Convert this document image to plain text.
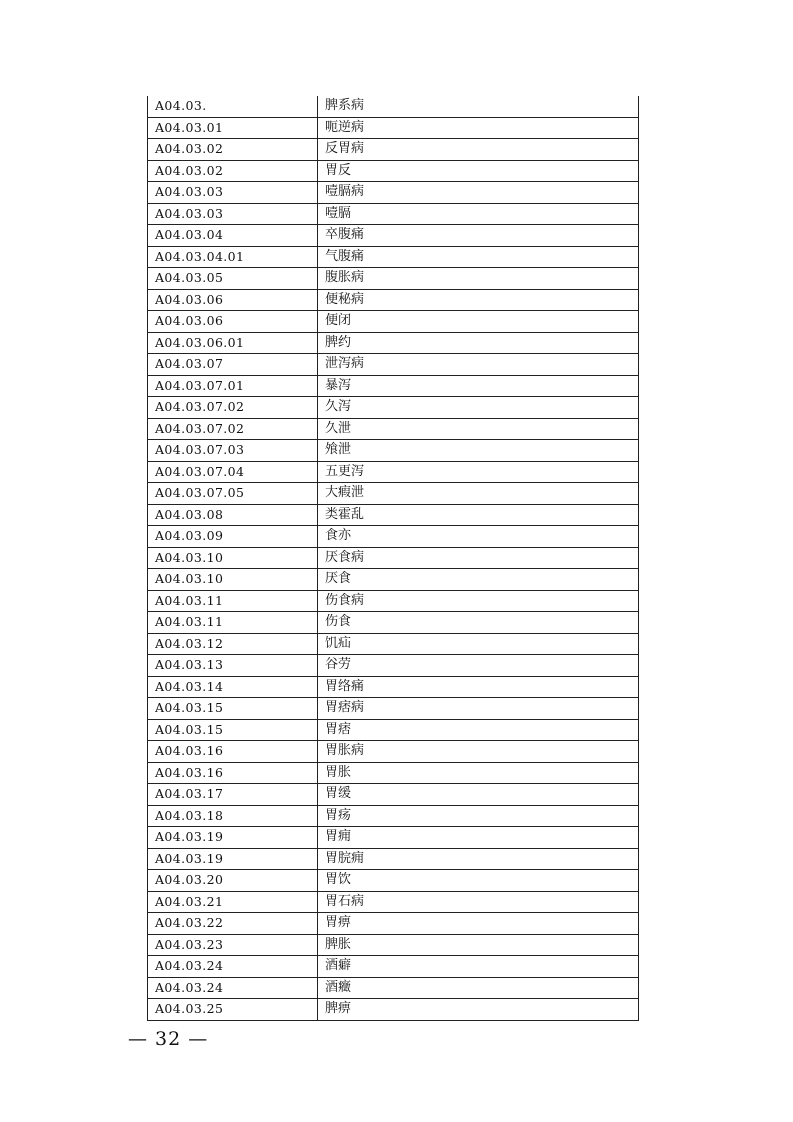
A04.03.	脾系病
A04.03.01	呃逆病
A04.03.02	反胃病
A04.03.02	胃反
A04.03.03	噎膈病
A04.03.03	噎膈
A04.03.04	卒腹痛
A04.03.04.01	气腹痛
A04.03.05	腹胀病
A04.03.06	便秘病
A04.03.06	便闭
A04.03.06.01	脾约
A04.03.07	泄泻病
A04.03.07.01	暴泻
A04.03.07.02	久泻
A04.03.07.02	久泄
A04.03.07.03	飧泄
A04.03.07.04	五更泻
A04.03.07.05	大瘕泄
A04.03.08	类霍乱
A04.03.09	食亦
A04.03.10	厌食病
A04.03.10	厌食
A04.03.11	伤食病
A04.03.11	伤食
A04.03.12	饥疝
A04.03.13	谷劳
A04.03.14	胃络痛
A04.03.15	胃痞病
A04.03.15	胃痞
A04.03.16	胃胀病
A04.03.16	胃胀
A04.03.17	胃缓
A04.03.18	胃疡
A04.03.19	胃痈
A04.03.19	胃脘痈
A04.03.20	胃饮
A04.03.21	胃石病
A04.03.22	胃痹
A04.03.23	脾胀
A04.03.24	酒癖
A04.03.24	酒癥
A04.03.25	脾痹
— 32 —
